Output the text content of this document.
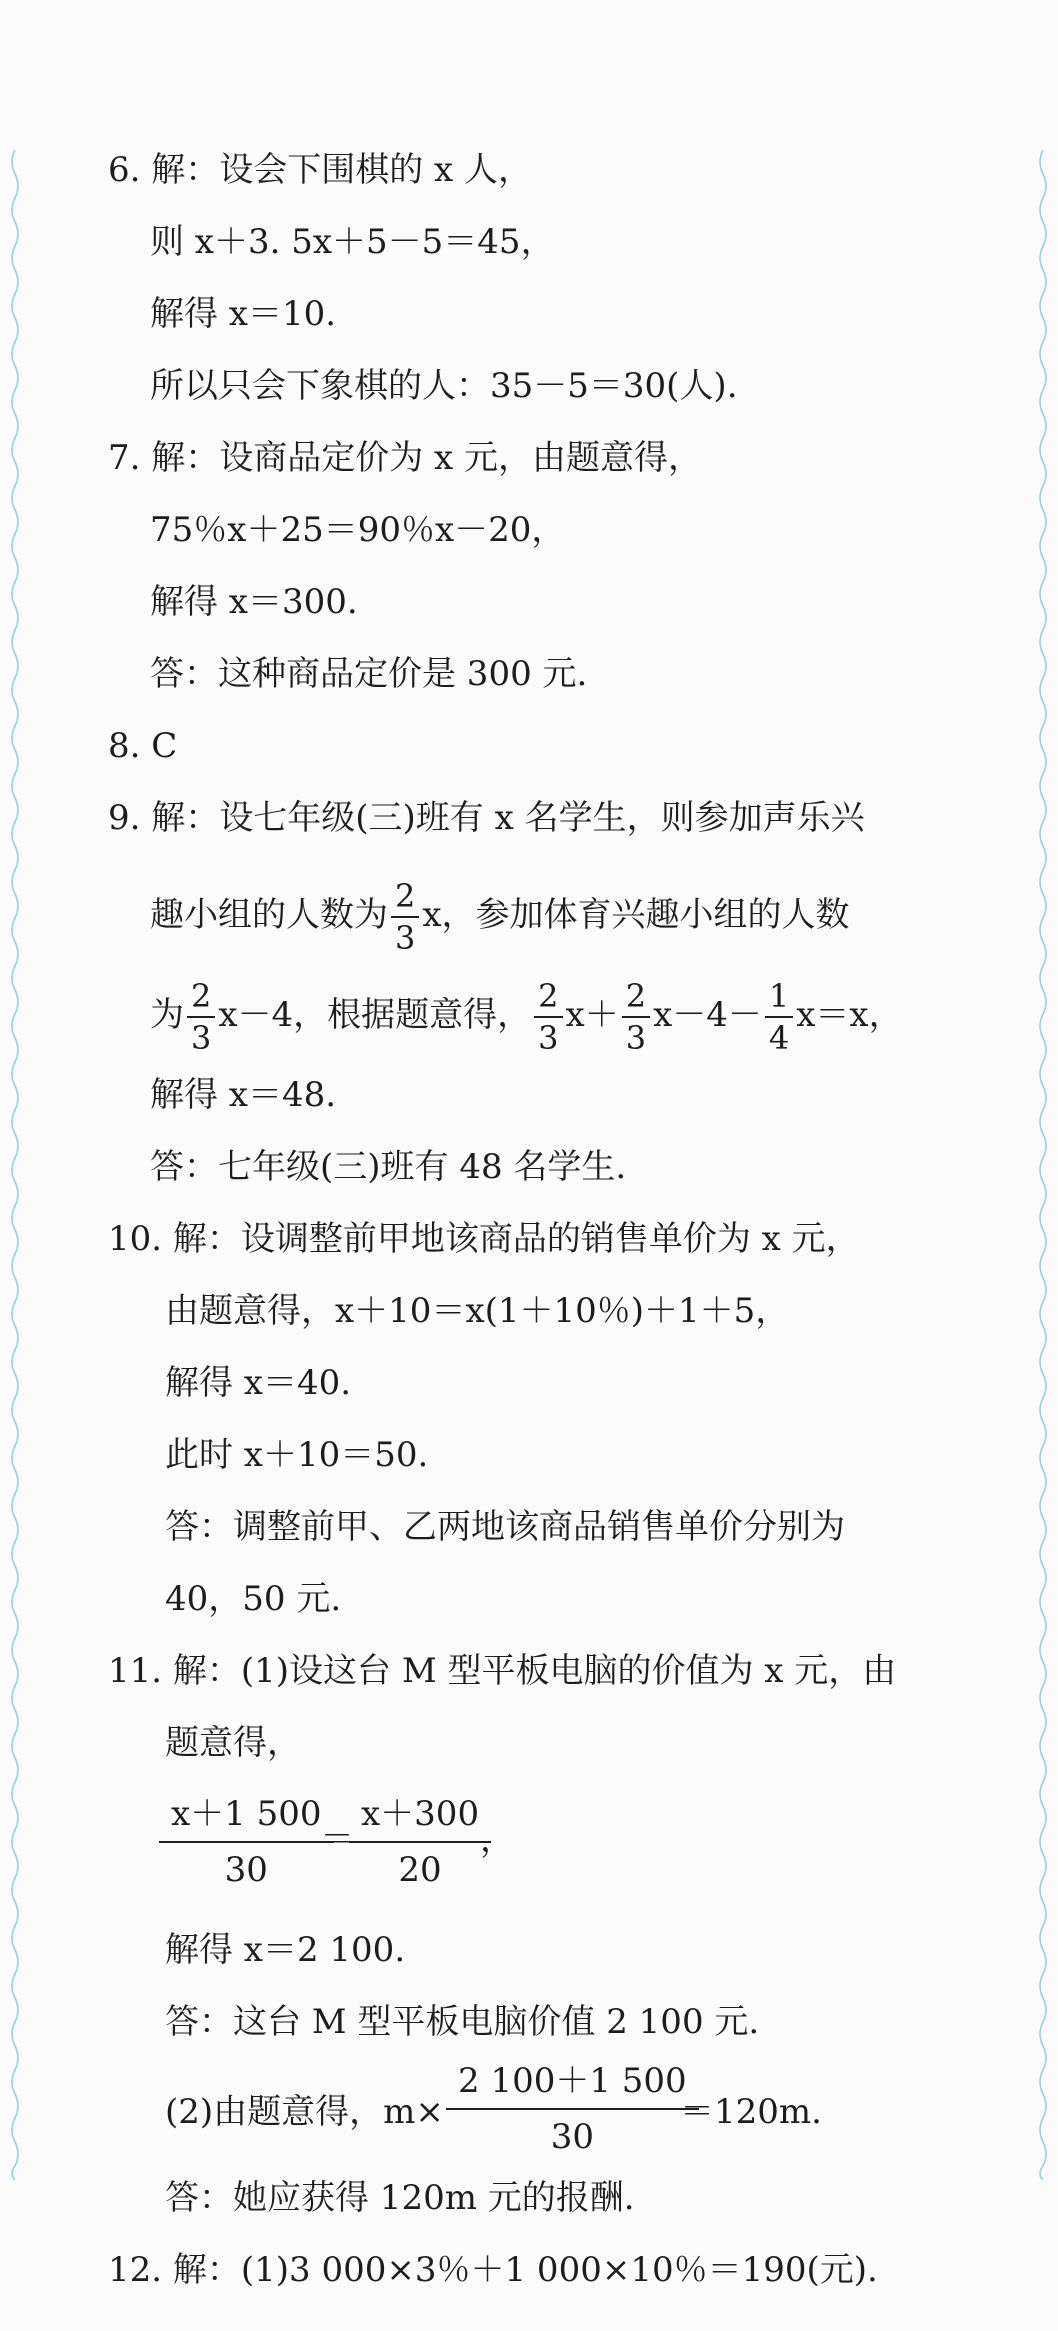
6. 解：设会下围棋的 x 人，
则 x＋3. 5x＋5－5＝45，
解得 x＝10.
所以只会下象棋的人：35－5＝30(人).
7. 解：设商品定价为 x 元，由题意得，
75％x＋25＝90％x－20，
解得 x＝300.
答：这种商品定价是 300 元.
8. C
9. 解：设七年级(三)班有 x 名学生，则参加声乐兴
趣小组的人数为 $\frac{2}{3}$ x，参加体育兴趣小组的人数
为 $\frac{2}{3} x-4$，根据题意得， $\frac{2}{3} x+ \frac{2}{3} x-4- \frac{1}{4} x=x$，
解得 x＝48.
答：七年级(三)班有 48 名学生.
10. 解：设调整前甲地该商品的销售单价为 x 元，
由题意得，x＋10＝x(1＋10％)＋1＋5，
解得 x＝40.
此时 x＋10＝50.
答：调整前甲、乙两地该商品销售单价分别为
40，50 元.
11. 解：(1)设这台 M 型平板电脑的价值为 x 元，由
题意得，
$\frac{x+1 500}{30}$
＝ $\frac{x+300}{20}$
，
解得 x＝2 100.
答：这台 M 型平板电脑价值 2 100 元.
(2)由题意得，$m\times \frac{2 100+1 500}{30}$
＝120m.
答：她应获得 120m 元的报酬.
12. 解：(1)3 000×3％＋1 000×10％＝190(元).
